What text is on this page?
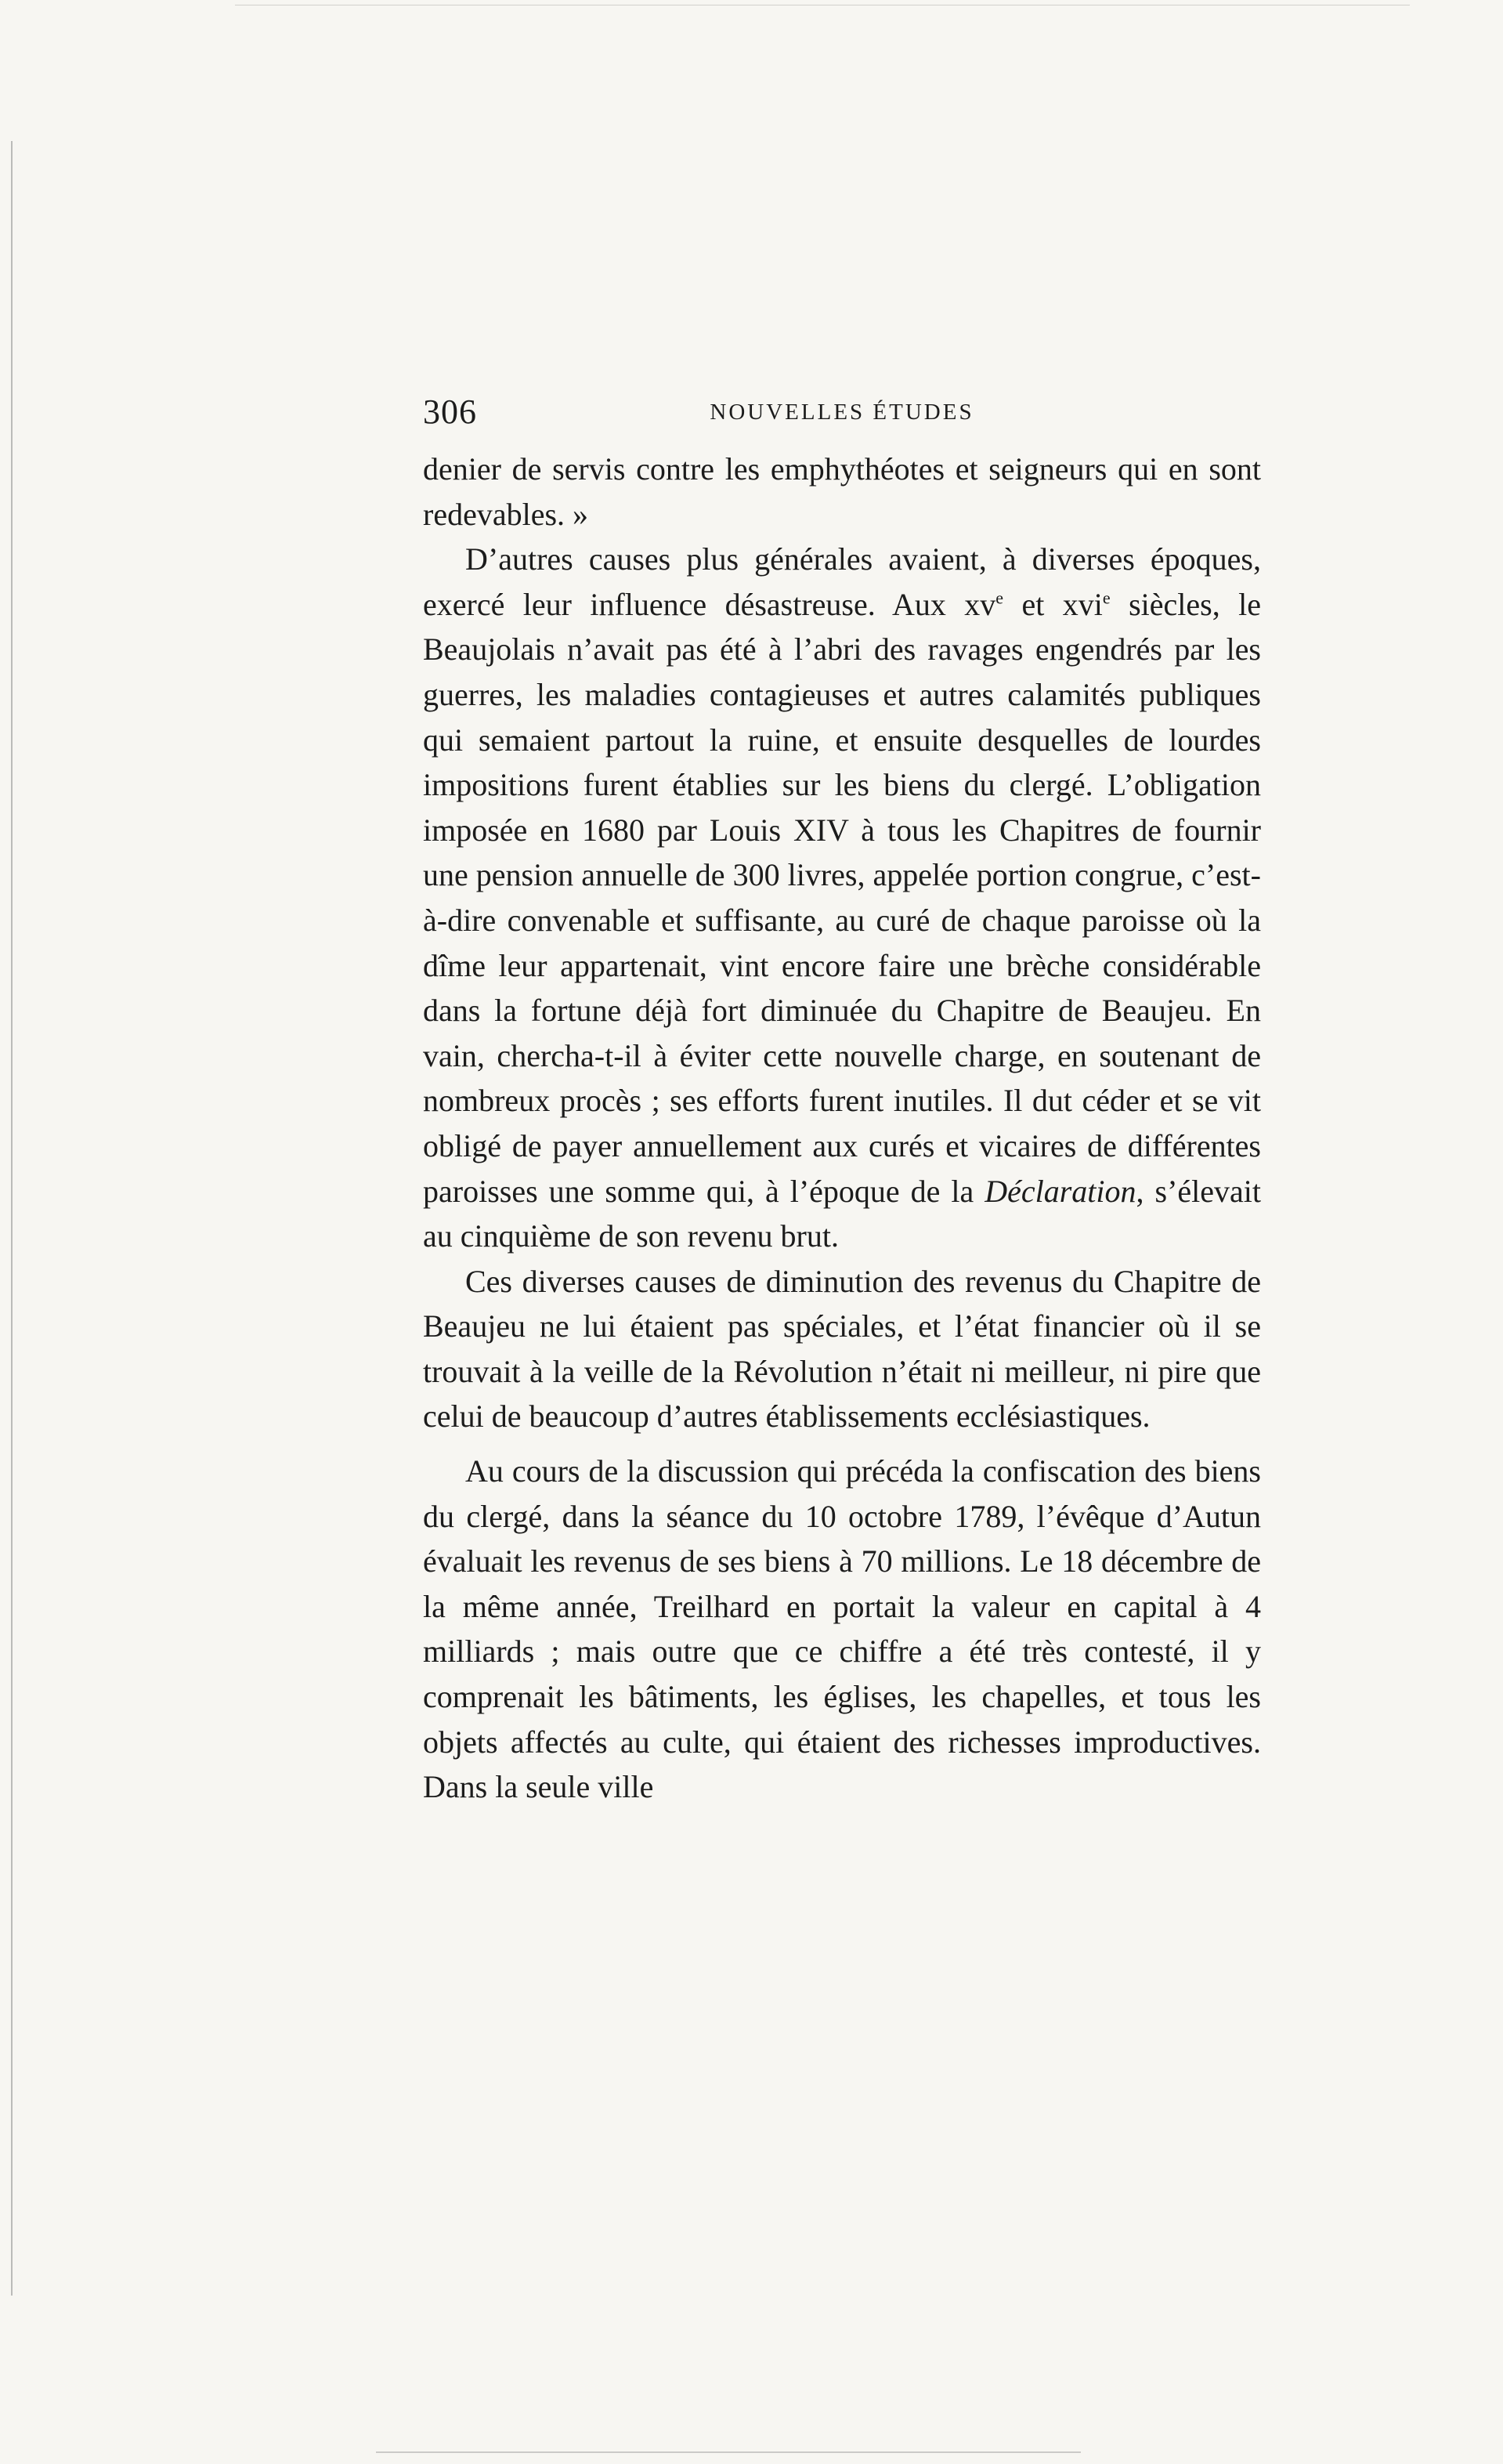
306	NOUVELLES ÉTUDES

denier de servis contre les emphythéotes et seigneurs qui en sont redevables. »

D’autres causes plus générales avaient, à diverses époques, exercé leur influence désastreuse. Aux $xv^e$ et xvi$^e$ siècles, le Beaujolais n’avait pas été à l’abri des ravages engendrés par les guerres, les maladies contagieuses et autres calamités publiques qui semaient partout la ruine, et ensuite desquelles de lourdes impositions furent établies sur les biens du clergé. L’obligation imposée en 1680 par Louis XIV à tous les Chapitres de fournir une pension annuelle de 300 livres, appelée portion congrue, c’est-à-dire convenable et suffisante, au curé de chaque paroisse où la dîme leur appartenait, vint encore faire une brèche considérable dans la fortune déjà fort diminuée du Chapitre de Beaujeu. En vain, chercha-t-il à éviter cette nouvelle charge, en soutenant de nombreux procès ; ses efforts furent inutiles. Il dut céder et se vit obligé de payer annuellement aux curés et vicaires de différentes paroisses une somme qui, à l’époque de la Déclaration, s’élevait au cinquième de son revenu brut.

Ces diverses causes de diminution des revenus du Chapitre de Beaujeu ne lui étaient pas spéciales, et l’état financier où il se trouvait à la veille de la Révolution n’était ni meilleur, ni pire que celui de beaucoup d’autres établissements ecclésiastiques.

Au cours de la discussion qui précéda la confiscation des biens du clergé, dans la séance du 10 octobre 1789, l’évêque d’Autun évaluait les revenus de ses biens à 70 millions. Le 18 décembre de la même année, Treilhard en portait la valeur en capital à 4 milliards ; mais outre que ce chiffre a été très contesté, il y comprenait les bâtiments, les églises, les chapelles, et tous les objets affectés au culte, qui étaient des richesses improductives. Dans la seule ville
